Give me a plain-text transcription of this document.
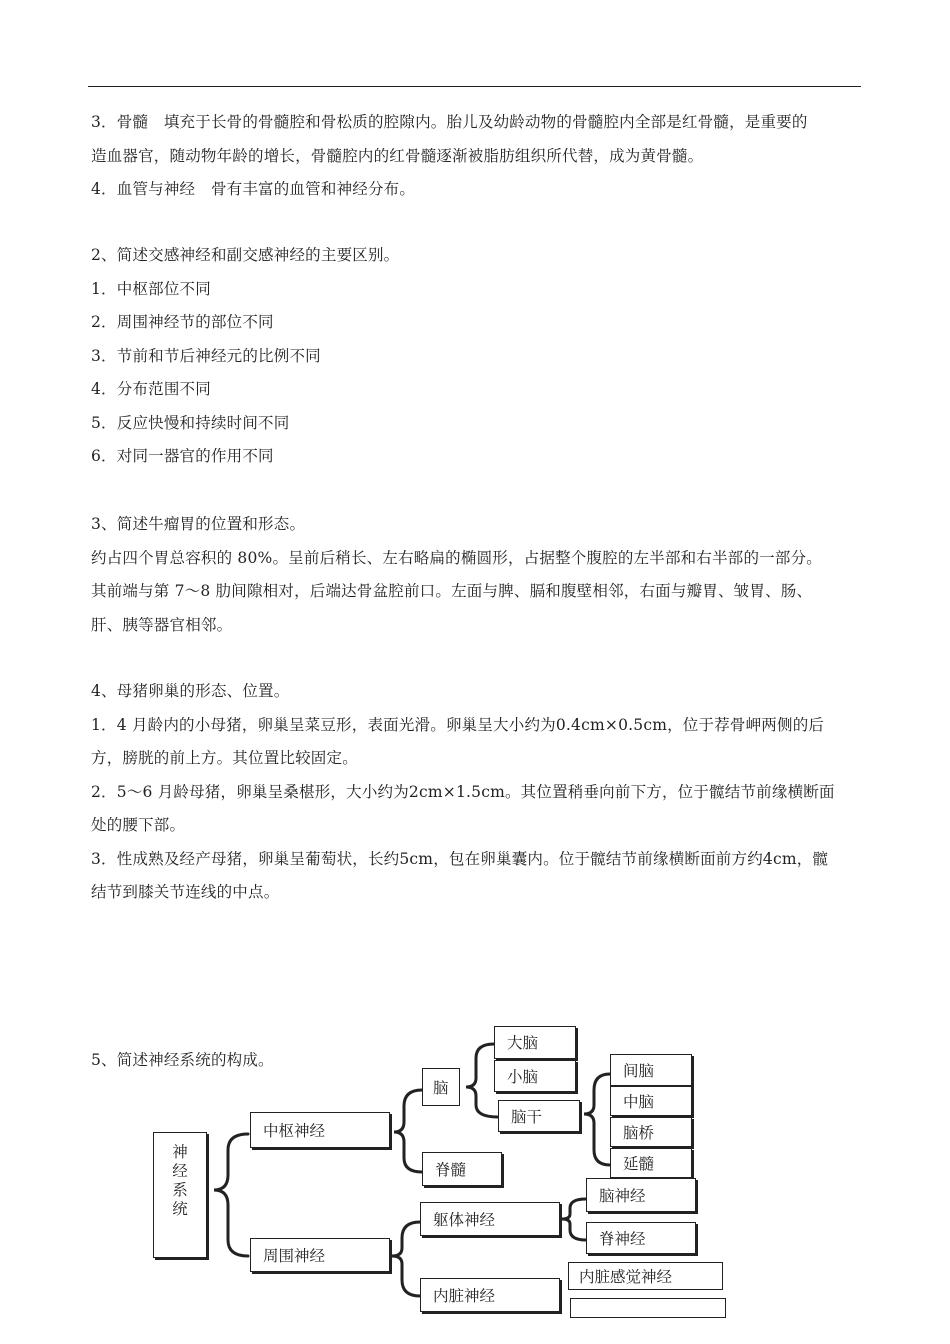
3．骨髓　填充于长骨的骨髓腔和骨松质的腔隙内。胎儿及幼龄动物的骨髓腔内全部是红骨髓，是重要的
造血器官，随动物年龄的增长，骨髓腔内的红骨髓逐渐被脂肪组织所代替，成为黄骨髓。
4．血管与神经　骨有丰富的血管和神经分布。
2、简述交感神经和副交感神经的主要区别。
1．中枢部位不同
2．周围神经节的部位不同
3．节前和节后神经元的比例不同
4．分布范围不同
5．反应快慢和持续时间不同
6．对同一器官的作用不同
3、简述牛瘤胃的位置和形态。
约占四个胃总容积的 80%。呈前后稍长、左右略扁的椭圆形，占据整个腹腔的左半部和右半部的一部分。
其前端与第 7～8 肋间隙相对，后端达骨盆腔前口。左面与脾、膈和腹壁相邻，右面与瓣胃、皱胃、肠、
肝、胰等器官相邻。
4、母猪卵巢的形态、位置。
1．4 月龄内的小母猪，卵巢呈菜豆形，表面光滑。卵巢呈大小约为0.4cm×0.5cm，位于荐骨岬两侧的后
方，膀胱的前上方。其位置比较固定。
2．5～6 月龄母猪，卵巢呈桑椹形，大小约为2cm×1.5cm。其位置稍垂向前下方，位于髋结节前缘横断面
处的腰下部。
3．性成熟及经产母猪，卵巢呈葡萄状，长约5cm，包在卵巢囊内。位于髋结节前缘横断面前方约4cm，髋
结节到膝关节连线的中点。
5、简述神经系统的构成。
神
经
系
统
中枢神经
周围神经
脑
脊髓
大脑
小脑
脑干
间脑
中脑
脑桥
延髓
躯体神经
内脏神经
脑神经
脊神经
内脏感觉神经
